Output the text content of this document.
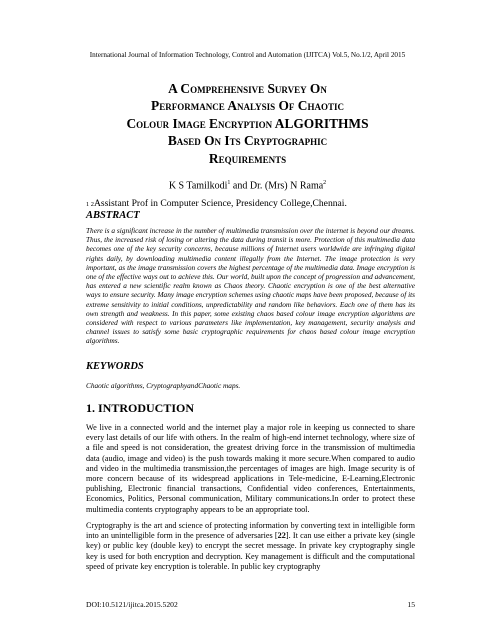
International Journal of Information Technology, Control and Automation (IJITCA) Vol.5, No.1/2, April 2015
A Comprehensive Survey On
Performance Analysis Of Chaotic
Colour Image Encryption ALGORITHMS
Based On Its Cryptographic
Requirements
K S Tamilkodi$^1$ and Dr. (Mrs) N Rama$^2$
1 2Assistant Prof in Computer Science, Presidency College,Chennai.
ABSTRACT
There is a significant increase in the number of multimedia transmission over the internet is beyond our dreams. Thus, the increased risk of losing or altering the data during transit is more. Protection of this multimedia data becomes one of the key security concerns, because millions of Internet users worldwide are infringing digital rights daily, by downloading multimedia content illegally from the Internet. The image protection is very important, as the image transmission covers the highest percentage of the multimedia data. Image encryption is one of the effective ways out to achieve this. Our world, built upon the concept of progression and advancement, has entered a new scientific realm known as Chaos theory. Chaotic encryption is one of the best alternative ways to ensure security. Many image encryption schemes using chaotic maps have been proposed, because of its extreme sensitivity to initial conditions, unpredictability and random like behaviors. Each one of them has its own strength and weakness. In this paper, some existing chaos based colour image encryption algorithms are considered with respect to various parameters like implementation, key management, security analysis and channel issues to satisfy some basic cryptographic requirements for chaos based colour image encryption algorithms.
KEYWORDS
Chaotic algorithms, CryptographyandChaotic maps.
1. INTRODUCTION
We live in a connected world and the internet play a major role in keeping us connected to share every last details of our life with others. In the realm of high-end internet technology, where size of a file and speed is not consideration, the greatest driving force in the transmission of multimedia data (audio, image and video) is the push towards making it more secure.When compared to audio and video in the multimedia transmission,the percentages of images are high. Image security is of more concern because of its widespread applications in Tele-medicine, E-Learning,Electronic publishing, Electronic financial transactions, Confidential video conferences, Entertainments, Economics, Politics, Personal communication, Military communications.In order to protect these multimedia contents cryptography appears to be an appropriate tool.
Cryptography is the art and science of protecting information by converting text in intelligible form into an unintelligible form in the presence of adversaries [22]. It can use either a private key (single key) or public key (double key) to encrypt the secret message. In private key cryptography single key is used for both encryption and decryption. Key management is difficult and the computational speed of private key encryption is tolerable. In public key cryptography
DOI:10.5121/ijitca.2015.5202	15
